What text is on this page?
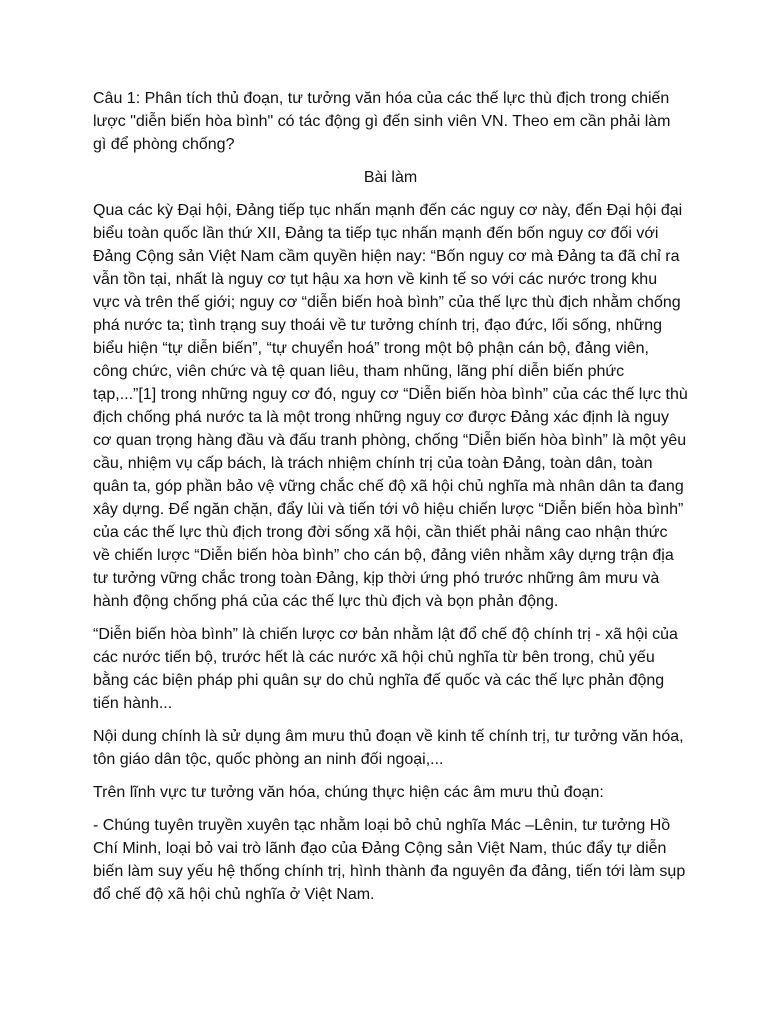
Câu 1: Phân tích thủ đoạn, tư tưởng văn hóa của các thế lực thù địch trong chiến lược "diễn biến hòa bình" có tác động gì đến sinh viên VN. Theo em cần phải làm gì để phòng chống?

Bài làm

Qua các kỳ Đại hội, Đảng tiếp tục nhấn mạnh đến các nguy cơ này, đến Đại hội đại biểu toàn quốc lần thứ XII, Đảng ta tiếp tục nhấn mạnh đến bốn nguy cơ đối với Đảng Cộng sản Việt Nam cầm quyền hiện nay: “Bốn nguy cơ mà Đảng ta đã chỉ ra vẫn tồn tại, nhất là nguy cơ tụt hậu xa hơn về kinh tế so với các nước trong khu vực và trên thế giới; nguy cơ “diễn biến hoà bình” của thế lực thù địch nhằm chống phá nước ta; tình trạng suy thoái về tư tưởng chính trị, đạo đức, lối sống, những biểu hiện “tự diễn biến”, “tự chuyển hoá” trong một bộ phận cán bộ, đảng viên, công chức, viên chức và tệ quan liêu, tham nhũng, lãng phí diễn biến phức tạp,...”[1] trong những nguy cơ đó, nguy cơ “Diễn biến hòa bình” của các thế lực thù địch chống phá nước ta là một trong những nguy cơ được Đảng xác định là nguy cơ quan trọng hàng đầu và đấu tranh phòng, chống “Diễn biến hòa bình” là một yêu cầu, nhiệm vụ cấp bách, là trách nhiệm chính trị của toàn Đảng, toàn dân, toàn quân ta, góp phần bảo vệ vững chắc chế độ xã hội chủ nghĩa mà nhân dân ta đang xây dựng. Để ngăn chặn, đẩy lùi và tiến tới vô hiệu chiến lược “Diễn biến hòa bình” của các thế lực thù địch trong đời sống xã hội, cần thiết phải nâng cao nhận thức về chiến lược “Diễn biến hòa bình” cho cán bộ, đảng viên nhằm xây dựng trận địa tư tưởng vững chắc trong toàn Đảng, kịp thời ứng phó trước những âm mưu và hành động chống phá của các thế lực thù địch và bọn phản động.

“Diễn biến hòa bình” là chiến lược cơ bản nhằm lật đổ chế độ chính trị - xã hội của các nước tiến bộ, trước hết là các nước xã hội chủ nghĩa từ bên trong, chủ yếu bằng các biện pháp phi quân sự do chủ nghĩa đế quốc và các thế lực phản động tiến hành...

Nội dung chính là sử dụng âm mưu thủ đoạn về kinh tế chính trị, tư tưởng văn hóa, tôn giáo dân tộc, quốc phòng an ninh đối ngoại,...

Trên lĩnh vực tư tưởng văn hóa, chúng thực hiện các âm mưu thủ đoạn:

- Chúng tuyên truyền xuyên tạc nhằm loại bỏ chủ nghĩa Mác –Lênin, tư tưởng Hồ Chí Minh, loại bỏ vai trò lãnh đạo của Đảng Cộng sản Việt Nam, thúc đẩy tự diễn biến làm suy yếu hệ thống chính trị, hình thành đa nguyên đa đảng, tiến tới làm sụp đổ chế độ xã hội chủ nghĩa ở Việt Nam.
